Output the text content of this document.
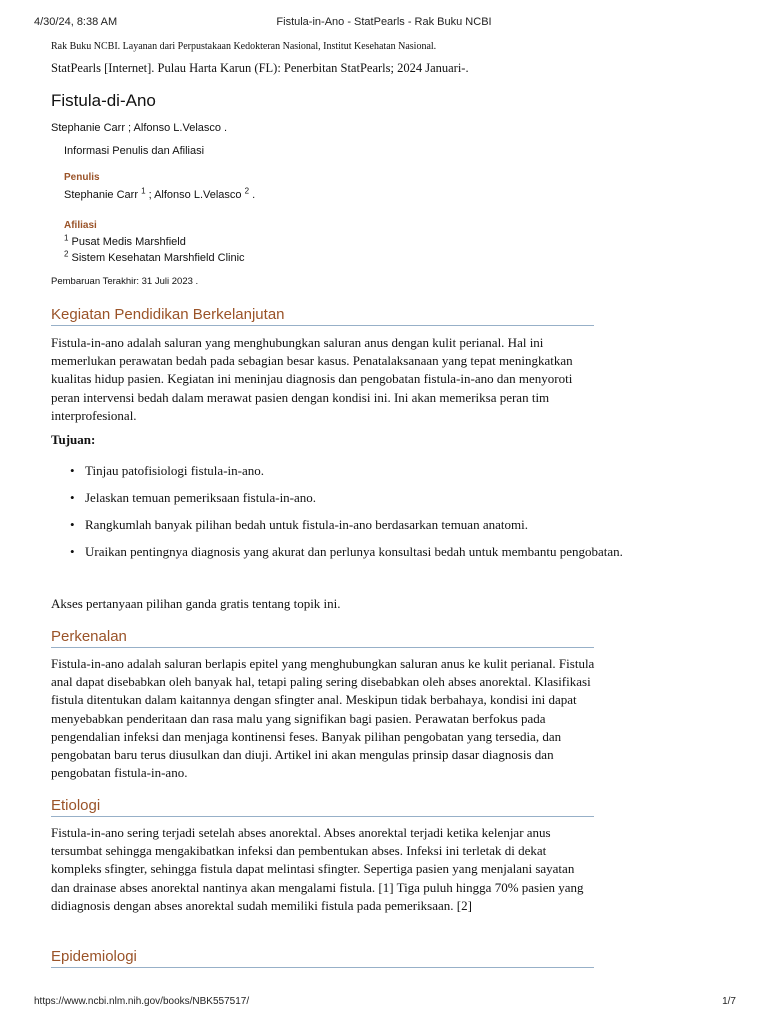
4/30/24, 8:38 AM	Fistula-in-Ano - StatPearls - Rak Buku NCBI
Rak Buku NCBI. Layanan dari Perpustakaan Kedokteran Nasional, Institut Kesehatan Nasional.
StatPearls [Internet]. Pulau Harta Karun (FL): Penerbitan StatPearls; 2024 Januari-.
Fistula-di-Ano
Stephanie Carr ; Alfonso L.Velasco .
Informasi Penulis dan Afiliasi
Penulis
Stephanie Carr $^1$ ; Alfonso L.Velasco $^2$ .
Afiliasi
$^1$ Pusat Medis Marshfield
$^2$ Sistem Kesehatan Marshfield Clinic
Pembaruan Terakhir: 31 Juli 2023 .
Kegiatan Pendidikan Berkelanjutan

Fistula-in-ano adalah saluran yang menghubungkan saluran anus dengan kulit perianal. Hal ini memerlukan perawatan bedah pada sebagian besar kasus. Penatalaksanaan yang tepat meningkatkan kualitas hidup pasien. Kegiatan ini meninjau diagnosis dan pengobatan fistula-in-ano dan menyoroti peran intervensi bedah dalam merawat pasien dengan kondisi ini. Ini akan memeriksa peran tim interprofesional.

Tujuan:
• Tinjau patofisiologi fistula-in-ano.
• Jelaskan temuan pemeriksaan fistula-in-ano.
• Rangkumlah banyak pilihan bedah untuk fistula-in-ano berdasarkan temuan anatomi.
• Uraikan pentingnya diagnosis yang akurat dan perlunya konsultasi bedah untuk membantu pengobatan.

Akses pertanyaan pilihan ganda gratis tentang topik ini.

Perkenalan

Fistula-in-ano adalah saluran berlapis epitel yang menghubungkan saluran anus ke kulit perianal. Fistula anal dapat disebabkan oleh banyak hal, tetapi paling sering disebabkan oleh abses anorektal. Klasifikasi fistula ditentukan dalam kaitannya dengan sfingter anal. Meskipun tidak berbahaya, kondisi ini dapat menyebabkan penderitaan dan rasa malu yang signifikan bagi pasien. Perawatan berfokus pada pengendalian infeksi dan menjaga kontinensi feses. Banyak pilihan pengobatan yang tersedia, dan pengobatan baru terus diusulkan dan diuji. Artikel ini akan mengulas prinsip dasar diagnosis dan pengobatan fistula-in-ano.

Etiologi

Fistula-in-ano sering terjadi setelah abses anorektal. Abses anorektal terjadi ketika kelenjar anus tersumbat sehingga mengakibatkan infeksi dan pembentukan abses. Infeksi ini terletak di dekat kompleks sfingter, sehingga fistula dapat melintasi sfingter. Sepertiga pasien yang menjalani sayatan dan drainase abses anorektal nantinya akan mengalami fistula. [1] Tiga puluh hingga 70% pasien yang didiagnosis dengan abses anorektal sudah memiliki fistula pada pemeriksaan. [2]

Epidemiologi
https://www.ncbi.nlm.nih.gov/books/NBK557517/	1/7
